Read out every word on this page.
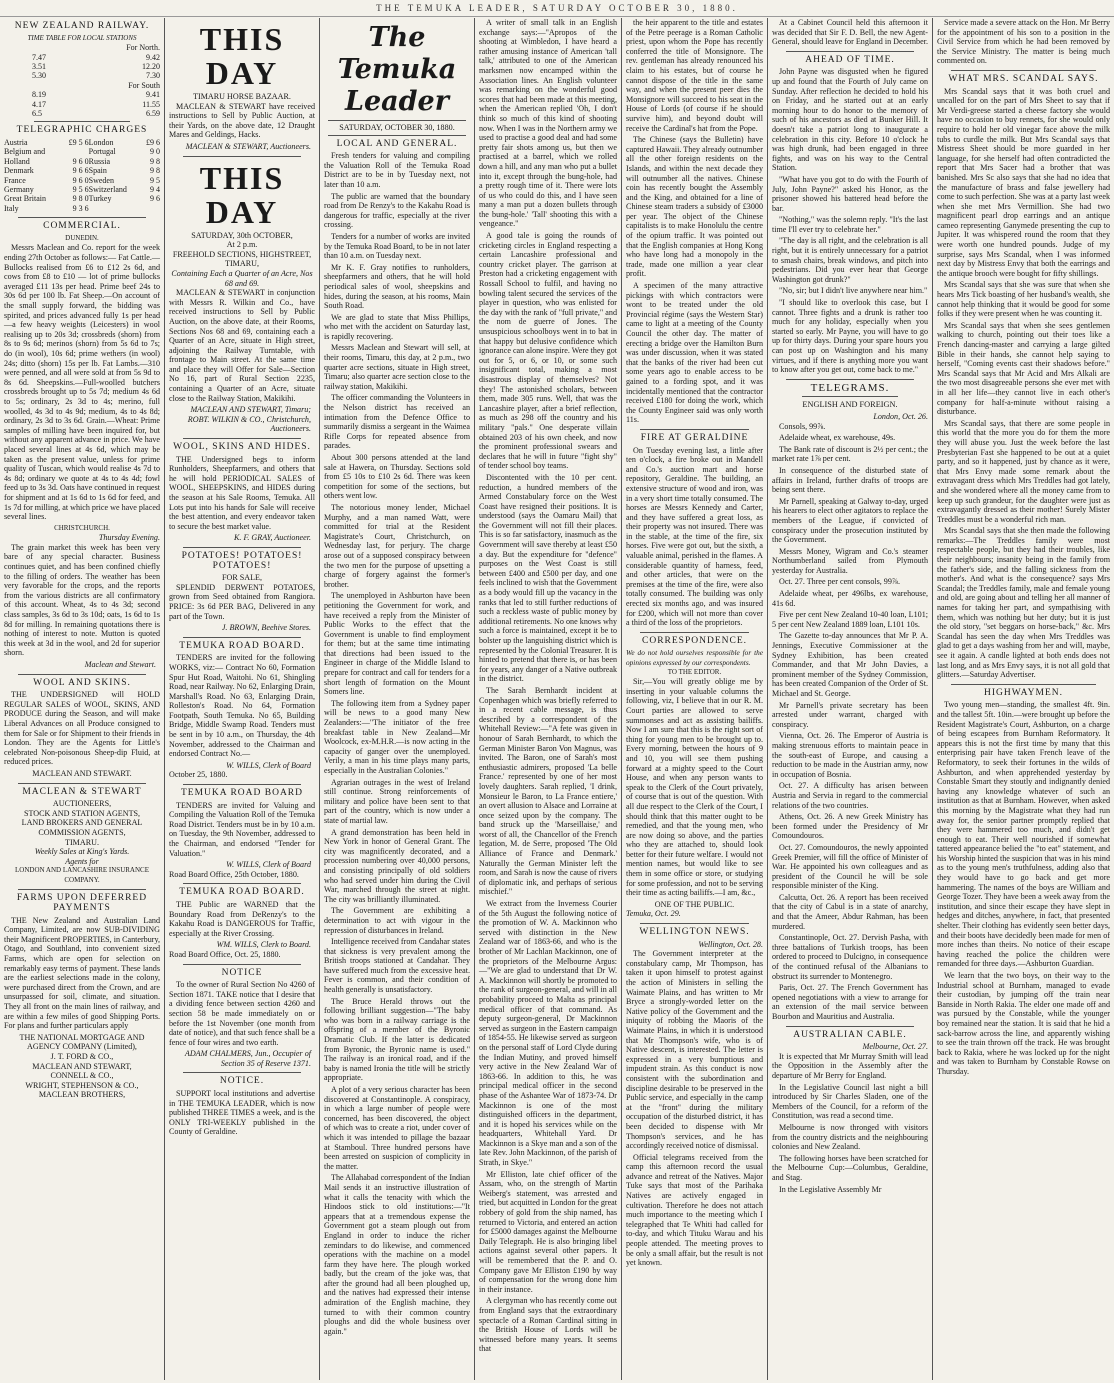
THE TEMUKA LEADER, SATURDAY OCTOBER 30, 1880.
NEW ZEALAND RAILWAY.
TIME TABLE FOR LOCAL STATIONS
	For North.
7.47	9.42
3.51	12.20
5.30	7.30
	For South
8.19	9.41
4.17	11.55
6.5	6.59
TELEGRAPHIC CHARGES
Austria	£9 5 6	London	£9 6
Belgium and		Portugal	9 0
Holland	9 6 0	Russia	9 8
Denmark	9 6 6	Spain	9 8
France	9 6 0	Sweden	9 5
Germany	9 5 6	Switzerland	9 4
Great Britain	9 8 0	Turkey	9 6
Italy	9 3 6		
COMMERCIAL.
DUNEDIN.

Messrs Maclean and Co. report for the week ending 27th October as follows:— Fat Cattle.—Bullocks realised from £6 to £12 2s 6d, and cows from £8 to £10 — lot of prime bullocks averaged £11 13s per head. Prime beef 24s to 30s 6d per 100 lb. Fat Sheep.—On account of the small supply forward, the bidding was spirited, and prices advanced fully 1s per head—a few heavy weights (Leicesters) in wool realising up to 20s 3d; crossbreds (shorn) from 8s to 9s 6d; merinos (shorn) from 5s 6d to 7s; do (in wool), 10s 6d; prime wethers (in wool) 24s; ditto (shorn) 15s per lb. Fat Lambs.—310 were penned, and all were sold at from 5s 9d to 8s 6d. Sheepskins.—Full-woolled butchers crossbreds brought up to 5s 7d; medium 4s 6d to 5s; ordinary, 2s 3d to 4s; merino, full woolled, 4s 3d to 4s 9d; medium, 4s to 4s 8d; ordinary, 2s 3d to 3s 6d. Grain.—Wheat: Prime samples of milling have been inquired for, but without any apparent advance in price. We have placed several lines at 4s 6d, which may be taken as the present value, unless for prime quality of Tuscan, which would realise 4s 7d to 4s 8d; ordinary we quote at 4s to 4s 4d; fowl feed up to 3s 3d. Oats have continued in request for shipment and at 1s 6d to 1s 6d for feed, and 1s 7d for milling, at which price we have placed several lines.

CHRISTCHURCH.
Thursday Evening.

The grain market this week has been very bare of any special character. Business continues quiet, and has been confined chiefly to the filling of orders. The weather has been very favorable for the crops, and the reports from the various districts are all confirmatory of this account. Wheat, 4s to 4s 3d; second class samples, 3s 6d to 3s 10d; oats, 1s 6d to 1s 8d for milling. In remaining quotations there is nothing of interest to note. Mutton is quoted this week at 3d in the wool, and 2d for superior shorn.

Maclean and Stewart.
WOOL AND SKINS.

THE UNDERSIGNED will HOLD REGULAR SALES of WOOL, SKINS, AND PRODUCE during the Season, and will make Liberal Advances on all Produce consigned to them for Sale or for Shipment to their friends in London. They are the Agents for Little's celebrated Non-poisonous Sheep-dip Fluid, at reduced prices.

MACLEAN AND STEWART.
MACLEAN & STEWART
AUCTIONEERS,
STOCK AND STATION AGENTS,
LAND BROKERS AND GENERAL
COMMISSION AGENTS,
TIMARU.
Weekly Sales at King's Yards.
Agents for
LONDON AND LANCASHIRE INSURANCE COMPANY.
FARMS UPON DEFERRED PAYMENTS

THE New Zealand and Australian Land Company, Limited, are now SUB-DIVIDING their Magnificent PROPERTIES, in Canterbury, Otago, and Southland, into convenient sized Farms, which are open for selection on remarkably easy terms of payment. These lands are the earliest selections made in the colony, were purchased direct from the Crown, and are unsurpassed for soil, climate, and situation. They all front on the main lines of railway, and are within a few miles of good Shipping Ports. For plans and further particulars apply

THE NATIONAL MORTGAGE AND AGENCY COMPANY (Limited),
J. T. FORD & CO.,
MACLEAN AND STEWART,
CONNELL & CO.,
WRIGHT, STEPHENSON & CO.,
MACLEAN BROTHERS,
THIS DAY
TIMARU HORSE BAZAAR.

MACLEAN & STEWART have received instructions to Sell by Public Auction, at their Yards, on the above date, 12 Draught Mares and Geldings, Hacks.

MACLEAN & STEWART, Auctioneers.
THIS DAY
SATURDAY, 30th OCTOBER,
At 2 p.m.
FREEHOLD SECTIONS, HIGHSTREET, TIMARU,
Containing Each a Quarter of an Acre, Nos 68 and 69.

MACLEAN & STEWART in conjunction with Messrs R. Wilkin and Co., have received instructions to Sell by Public Auction, on the above date, at their Rooms, Sections Nos 68 and 69, containing each a Quarter of an Acre, situate in High street, adjoining the Railway Turntable, with frontage to Main street. At the same time and place they will Offer for Sale—Section No 16, part of Rural Section 2235, containing a Quarter of an Acre, situate close to the Railway Station, Makikihi.

MACLEAN AND STEWART, Timaru;
ROBT. WILKIN & CO., Christchurch, Auctioneers.
WOOL, SKINS AND HIDES.

THE Undersigned begs to inform Runholders, Sheepfarmers, and others that he will hold PERIODICAL SALES of WOOL, SHEEPSKINS, and HIDES during the season at his Sale Rooms, Temuka. All Lots put into his hands for Sale will receive the best attention, and every endeavor taken to secure the best market value.

K. F. GRAY, Auctioneer.
POTATOES! POTATOES! POTATOES!
FOR SALE,

SPLENDID DERWENT POTATOES, grown from Seed obtained from Rangiora. PRICE: 3s 6d PER BAG, Delivered in any part of the Town.

J. BROWN, Beehive Stores.
TEMUKA ROAD BOARD.

TENDERS are invited for the following WORKS, viz:— Contract No 60, Formation Spur Hut Road, Waitohi. No 61, Shingling Road, near Railway. No 62, Enlarging Drain, Marshall's Road. No 63, Enlarging Drain, Rolleston's Road. No 64, Formation Footpath, South Temuka. No 65, Building Bridge, Middle Swamp Road. Tenders must be sent in by 10 a.m., on Thursday, the 4th November, addressed to the Chairman and endorsed Contract No.—

W. WILLS, Clerk of Board
October 25, 1880.
TEMUKA ROAD BOARD

TENDERS are invited for Valuing and Compiling the Valuation Roll of the Temuka Road District. Tenders must be in by 10 a.m. on Tuesday, the 9th November, addressed to the Chairman, and endorsed "Tender for Valuation."

W. WILLS, Clerk of Board
Road Board Office, 25th October, 1880.
TEMUKA ROAD BOARD.

THE Public are WARNED that the Boundary Road from DeRenzy's to the Kakahu Road is DANGEROUS for Traffic, especially at the River Crossing.

WM. WILLS, Clerk to Board.
Road Board Office, Oct. 25, 1880.
NOTICE

To the owner of Rural Section No 4260 of Section 1871. TAKE notice that I desire that a dividing fence between section 4260 and section 58 be made immediately on or before the 1st November (one month from date of notice), and that such fence shall be a fence of four wires and two earth.

ADAM CHALMERS, Jun., Occupier of Section 35 of Reserve 1371.
NOTICE.

SUPPORT local institutions and advertise in THE TEMUKA LEADER, which is now published THREE TIMES a week, and is the ONLY TRI-WEEKLY published in the County of Geraldine.

The Temuka Leader
SATURDAY, OCTOBER 30, 1880.
LOCAL AND GENERAL.

Fresh tenders for valuing and compiling the Valuation Roll of the Temuka Road District are to be in by Tuesday next, not later than 10 a.m.

The public are warned that the boundary road from De Renzy's to the Kakahu Road is dangerous for traffic, especially at the river crossing.

Tenders for a number of works are invited by the Temuka Road Board, to be in not later than 10 a.m. on Tuesday next.

Mr K. F. Gray notifies to runholders, sheepfarmers and others, that he will hold periodical sales of wool, sheepskins and hides, during the season, at his rooms, Main South Road.

We are glad to state that Miss Phillips, who met with the accident on Saturday last, is rapidly recovering.

Messrs Maclean and Stewart will sell, at their rooms, Timaru, this day, at 2 p.m., two quarter acre sections, situate in High street, Timaru; also quarter acre section close to the railway station, Makikihi.

The officer commanding the Volunteers in the Nelson district has received an intimation from the Defence Office to summarily dismiss a sergeant in the Waimea Rifle Corps for repeated absence from parades.

About 300 persons attended at the land sale at Hawera, on Thursday. Sections sold from £5 10s to £10 2s 6d. There was keen competition for some of the sections, but others went low.

The notorious money lender, Michael Murphy, and a man named Watt, were committed for trial at the Resident Magistrate's Court, Christchurch, on Wednesday last, for perjury. The charge arose out of a supposed conspiracy between the two men for the purpose of upsetting a charge of forgery against the former's brother.

The unemployed in Ashburton have been petitioning the Government for work, and have received a reply from the Minister of Public Works to the effect that the Government is unable to find employment for them; but at the same time intimating that directions had been issued to the Engineer in charge of the Middle Island to prepare for contract and call for tenders for a short length of formation on the Mount Somers line.

The following item from a Sydney paper will be news to a good many New Zealanders:—"The initiator of the free breakfast table in New Zealand—Mr Woolcock, ex-M.H.R.—is now acting in the capacity of ganger over the unemployed. Verily, a man in his time plays many parts, especially in the Australian Colonies."

Agrarian outrages in the west of Ireland still continue. Strong reinforcements of military and police have been sent to that part of the country, which is now under a state of martial law.

A grand demonstration has been held in New York in honor of General Grant. The city was magnificently decorated, and a procession numbering over 40,000 persons, and consisting principally of old soldiers who had served under him during the Civil War, marched through the street at night. The city was brilliantly illuminated.

The Government are exhibiting a determination to act with vigour in the repression of disturbances in Ireland.

Intelligence received from Candahar states that sickness is very prevalent among the British troops stationed at Candahar. They have suffered much from the excessive heat. Fever is common, and their condition of health generally is unsatisfactory.

The Bruce Herald throws out the following brilliant suggestion—"The baby who was born in a railway carriage is the offspring of a member of the Byronic Dramatic Club. If the latter is dedicated from Byronic, the Byronic name is used." The railway is an ironical road, and if the baby is named Ironia the title will be strictly appropriate.

A plot of a very serious character has been discovered at Constantinople. A conspiracy, in which a large number of people were concerned, has been discovered, the object of which was to create a riot, under cover of which it was intended to pillage the bazaar at Stamboul. Three hundred persons have been arrested on suspicion of complicity in the matter.

The Allahabad correspondent of the Indian Mail sends it an instructive illustration of what it calls the tenacity with which the Hindoos stick to old institutions:—"It appears that at a tremendous expense the Government got a steam plough out from England in order to induce the richer zemindars to do likewise, and commenced operations with the machine on a model farm they have here. The plough worked badly, but the cream of the joke was, that after the ground had all been ploughed up, and the natives had expressed their intense admiration of the English machine, they turned to with their common country ploughs and did the whole business over again."

A writer of small talk in an English exchange says:—"Apropos of the shooting at Wimbledon, I have heard a rather amusing instance of American 'tall talk,' attributed to one of the American marksmen now encamped within the Association lines. An English volunteer was remarking on the wonderful good scores that had been made at this meeting, when the American replied 'Oh, I don't think so much of this kind of shooting now. When I was in the Northern army we used to practise a good deal and had some pretty fair shots among us, but then we practised at a barrel, which we rolled down a hill, and any man who put a bullet into it, except through the bung-hole, had a pretty rough time of it. There were lots of us who could do this, and I have seen many a man put a dozen bullets through the bung-hole.' 'Tall' shooting this with a vengeance."

A good tale is going the rounds of cricketing circles in England respecting a certain Lancashire professional and country cricket player. The garrison at Preston had a cricketing engagement with Rossall School to fulfil, and having no bowling talent secured the services of the player in question, who was enlisted for the day with the rank of "full private," and the nom de guerre of Jones. The unsuspicious schoolboys went in to bat in that happy but delusive confidence which ignorance can alone inspire. Were they got out for 5, or 6, or 10, or some such insignificant total, making a most disastrous display of themselves? Not they! The astonished scholars, between them, made 305 runs. Well, that was the Lancashire player, after a brief reflection, as much as 298 off the country and his military "pals." One desperate villain obtained 203 of his own cheek, and now the prominent professional swears and declares that he will in future "fight shy" of tender school boy teams.

Discontented with the 10 per cent. reduction, a hundred members of the Armed Constabulary force on the West Coast have resigned their positions. It is understood (says the Oamaru Mail) that the Government will not fill their places. This is so far satisfactory, inasmuch as the Government will save thereby at least £50 a day. But the expenditure for "defence" purposes on the West Coast is still between £400 and £500 per day, and one feels inclined to wish that the Government as a body would fill up the vacancy in the ranks that led to still further reductions of such a reckless waste of public money by additional retirements. No one knows why such a force is maintained, except it be to bolster up the languishing district which is represented by the Colonial Treasurer. It is hinted to pretend that there is, or has been for years, any danger of a Native outbreak in the district.

The Sarah Bernhardt incident at Copenhagen which was briefly referred to in a recent cable message, is thus described by a correspondent of the Whitehall Review:—"A fete was given in honour of Sarah Bernhardt, to which the German Minister Baron Von Magnus, was invited. The Baron, one of Sarah's most enthusiastic admirers, proposed 'La belle France.' represented by one of her most lovely daughters. Sarah replied, 'I drink, Monsieur le Baron, to La France entiere,' an overt allusion to Alsace and Lorraine at once seized upon by the company. The band struck up the 'Marseillaise,' and worst of all, the Chancellor of the French legation, M. de Serre, proposed 'The Old Alliance of France and Denmark.' Naturally the German Minister left the room, and Sarah is now the cause of rivers of diplomatic ink, and perhaps of serious mischief."

We extract from the Inverness Courier of the 5th August the following notice of the promotion of W. A. Mackinnon who served with distinction in the New Zealand war of 1863-66, and who is the brother of Mr Lachlan Mackinnon, one of the proprietors of the Melbourne Argus:—"We are glad to understand that Dr W. A. Mackinnon will shortly be promoted to the rank of surgeon-general, and will in all probability proceed to Malta as principal medical officer of that command. As deputy surgeon-general, Dr Mackinnon served as surgeon in the Eastern campaign of 1854-55. He likewise served as surgeon on the personal staff of Lord Clyde during the Indian Mutiny, and proved himself very active in the New Zealand War of 1863-66. In addition to this, he was principal medical officer in the second phase of the Ashantee War of 1873-74. Dr Mackinnon is one of the most distinguished officers in the department, and it is hoped his services while on the headquarters, Whitehall Yard. Dr Mackinnon is a Skye man and a son of the late Rev. John Mackinnon, of the parish of Strath, in Skye."

Mr Elliston, late chief officer of the Assam, who, on the strength of Martin Weiberg's statement, was arrested and tried, but acquitted in London for the great robbery of gold from the ship named, has returned to Victoria, and entered an action for £5000 damages against the Melbourne Daily Telegraph. He is also bringing libel actions against several other papers. It will be remembered that the P. and O. Company gave Mr Elliston £190 by way of compensation for the wrong done him in their instance.

A clergyman who has recently come out from England says that the extraordinary spectacle of a Roman Cardinal sitting in the British House of Lords will be witnessed before many years. It seems that

the heir apparent to the title and estates of the Petre peerage is a Roman Catholic priest, upon whom the Pope has recently conferred the title of Monsignore. The rev. gentleman has already renounced his claim to his estates, but of course he cannot dispose of the title in the same way, and when the present peer dies the Monsignore will succeed to his seat in the House of Lords (of course if he should survive him), and beyond doubt will receive the Cardinal's hat from the Pope.

The Chinese (says the Bulletin) have captured Hawaii. They already outnumber all the other foreign residents on the Islands, and within the next decade they will outnumber all the natives. Chinese coin has recently bought the Assembly and the King, and obtained for a line of Chinese steam traders a subsidy of £3000 per year. The object of the Chinese capitalists is to make Honolulu the centre of the opium traffic. It was pointed out that the English companies at Hong Kong who have long had a monopoly in the trade, made one million a year clear profit.

A specimen of the many attractive pickings with which contractors were wont to be treated under the old Provincial régime (says the Western Star) came to light at a meeting of the County Council the other day. The matter of erecting a bridge over the Hamilton Burn was under discussion, when it was stated that the banks of the river had been cut some years ago to enable access to be gained to a fording spot, and it was incidentally mentioned that the contractor received £180 for doing the work, which the County Engineer said was only worth 11s.

FIRE AT GERALDINE

On Tuesday evening last, a little after ten o'clock, a fire broke out in Mandell and Co.'s auction mart and horse repository, Geraldine. The building, an extensive structure of wood and iron, was in a very short time totally consumed. The horses are Messrs Kennedy and Carter, and they have suffered a great loss, as their property was not insured. There was in the stable, at the time of the fire, six horses. Five were got out, but the sixth, a valuable animal, perished in the flames. A considerable quantity of harness, feed, and other articles, that were on the premises at the time of the fire, were also totally consumed. The building was only erected six months ago, and was insured for £200, which will not more than cover a third of the loss of the proprietors.

CORRESPONDENCE.
We do not hold ourselves responsible for the opinions expressed by our correspondents.
TO THE EDITOR.

Sir,—You will greatly oblige me by inserting in your valuable columns the following, viz, I believe that in our R. M. Court parties are allowed to serve summonses and act as assisting bailiffs. Now I am sure that this is the right sort of thing for young men to be brought up to. Every morning, between the hours of 9 and 10, you will see them pushing forward at a mighty speed to the Court House, and when any person wants to speak to the Clerk of the Court privately, of course that is out of the question. With all due respect to the Clerk of the Court, I should think that this matter ought to be remedied, and that the young men, who are now doing so above, and the parties who they are attached to, should look better for their future welfare. I would not mention names, but would like to see them in some office or store, or studying for some profession, and not to be serving their time as acting bailiffs.—I am, &c.,

ONE OF THE PUBLIC.
Temuka, Oct. 29.
WELLINGTON NEWS.
Wellington, Oct. 28.

The Government interpreter at the constabulary camp, Mr Thompson, has taken it upon himself to protest against the action of Ministers in selling the Waimate Plains, and has written to Mr Bryce a strongly-worded letter on the Native policy of the Government and the iniquity of robbing the Maoris of the Waimate Plains, in which it is understood that Mr Thompson's wife, who is of Native descent, is interested. The letter is expressed in a very bumptious and impudent strain. As this conduct is now consistent with the subordination and discipline desirable to be preserved in the Public service, and especially in the camp at the "front" during the military occupation of the disturbed district, it has been decided to dispense with Mr Thompson's services, and he has accordingly received notice of dismissal.

Official telegrams received from the camp this afternoon record the usual advance and retreat of the Natives. Major Tuke says that most of the Parihaka Natives are actively engaged in cultivation. Therefore he does not attach much importance to the meeting which I telegraphed that Te Whiti had called for to-day, and which Tituku Warau and his people attended. The meeting proves to be only a small affair, but the result is not yet known.

At a Cabinet Council held this afternoon it was decided that Sir F. D. Bell, the new Agent-General, should leave for England in December.

AHEAD OF TIME.

John Payne was disgusted when he figured up and found that the Fourth of July came on Sunday. After reflection he decided to hold his on Friday, and he started out at an early morning hour to do honor to the memory of such of his ancestors as died at Bunker Hill. It doesn't take a patriot long to inaugurate a celebration in this city. Before 10 o'clock he was high drunk, had been engaged in three fights, and was on his way to the Central Station.

"What have you got to do with the Fourth of July, John Payne?" asked his Honor, as the prisoner showed his battered head before the bar.

"Nothing," was the solemn reply. "It's the last time I'll ever try to celebrate her."

"The day is all right, and the celebration is all right, but it is entirely unnecessary for a patriot to smash chairs, break windows, and pitch into pedestrians. Did you ever hear that George Washington got drunk?"

"No, sir; but I didn't live anywhere near him."

"I should like to overlook this case, but I cannot. Three fights and a drunk is rather too much for any holiday, especially when you started so early. Mr Payne, you will have to go up for thirty days. During your spare hours you can post up on Washington and his many virtues, and if there is anything more you want to know after you get out, come back to me."

TELEGRAMS.
ENGLISH AND FOREIGN.
London, Oct. 26.

Consols, 99⅞.

Adelaide wheat, ex warehouse, 49s.

The Bank rate of discount is 2½ per cent.; the market rate 1⅞ per cent.

In consequence of the disturbed state of affairs in Ireland, further drafts of troops are being sent there.

Mr Parnell, speaking at Galway to-day, urged his hearers to elect other agitators to replace the members of the League, if convicted of conspiracy under the prosecution instituted by the Government.

Messrs Money, Wigram and Co.'s steamer Northumberland sailed from Plymouth yesterday for Australia.

Oct. 27. Three per cent consols, 99⅞.

Adelaide wheat, per 496lbs, ex warehouse, 41s 6d.

Five per cent New Zealand 10-40 loan, L101; 5 per cent New Zealand 1889 loan, L101 10s.

The Gazette to-day announces that Mr P. A. Jennings, Executive Commissioner at the Sydney Exhibition, has been created Commander, and that Mr John Davies, a prominent member of the Sydney Commission, has been created Companion of the Order of St. Michael and St. George.

Mr Parnell's private secretary has been arrested under warrant, charged with conspiracy.

Vienna, Oct. 26. The Emperor of Austria is making strenuous efforts to maintain peace in the south-east of Europe, and causing a reduction to be made in the Austrian army, now in occupation of Bosnia.

Oct. 27. A difficulty has arisen between Austria and Servia in regard to the commercial relations of the two countries.

Athens, Oct. 26. A new Greek Ministry has been formed under the Presidency of Mr Comoundouros.

Oct. 27. Comoundouros, the newly appointed Greek Premier, will fill the office of Minister of War. He appointed his own colleagues and as president of the Council he will be sole responsible minister of the King.

Calcutta, Oct. 26. A report has been received that the city of Cabul is in a state of anarchy, and that the Ameer, Abdur Rahman, has been murdered.

Constantinople, Oct. 27. Dervish Pasha, with three battalions of Turkish troops, has been ordered to proceed to Dulcigno, in consequence of the continued refusal of the Albanians to obstruct its surrender to Montenegro.

Paris, Oct. 27. The French Government has opened negotiations with a view to arrange for an extension of the mail service between Bourbon and Mauritius and Australia.

AUSTRALIAN CABLE.
Melbourne, Oct. 27.

It is expected that Mr Murray Smith will lead the Opposition in the Assembly after the departure of Mr Berry for England.

In the Legislative Council last night a bill introduced by Sir Charles Sladen, one of the Members of the Council, for a reform of the Constitution, was read a second time.

Melbourne is now thronged with visitors from the country districts and the neighbouring colonies and New Zealand.

The following horses have been scratched for the Melbourne Cup:—Columbus, Geraldine, and Stag.

In the Legislative Assembly Mr

Service made a severe attack on the Hon. Mr Berry for the appointment of his son to a position in the Civil Service from which he had been removed by the Service Ministry. The matter is being much commented on.

WHAT MRS. SCANDAL SAYS.

Mrs Scandal says that it was both cruel and uncalled for on the part of Mrs Sheet to say that if Mr Verdi-greese started a cheese factory she would have no occasion to buy rennets, for she would only require to hold her old vinegar face above the milk tubs to curdle the milk. But Mrs Scandal says that Mistress Sheet should be more guarded in her language, for she herself had often contradicted the report that Mrs Sacer had a brother that was banished. Mrs Sc also says that she had no idea that the manufacture of brass and false jewellery had come to such perfection. She was at a party last week when she met Mrs Vermillion. She had two magnificent pearl drop earrings and an antique cameo representing Ganymede presenting the cup to Jupiter. It was whispered round the room that they were worth one hundred pounds. Judge of my surprise, says Mrs Scandal, when I was informed next day by Mistress Envy that both the earrings and the antique brooch were bought for fifty shillings.

Mrs Scandal says that she was sure that when she hears Mrs Tick boasting of her husband's wealth, she cannot help thinking that it would be good for some folks if they were present when he was counting it.

Mrs Scandal says that when she sees gentlemen walking to church, pointing out their toes like a French dancing-master and carrying a large gilted Bible in their hands, she cannot help saying to herself, "Coming events cast their shadows before." Mrs Scandal says that Mr Acid and Mrs Alkali are the two most disagreeable persons she ever met with in all her life—they cannot live in each other's company for half-a-minute without raising a disturbance.

Mrs Scandal says, that there are some people in this world that the more you do for them the more they will abuse you. Just the week before the last Presbyterian Fast she happened to be out at a quiet party, and so it happened, just by chance as it were, that Mrs Envy made some remark about the extravagant dress which Mrs Treddles had got lately, and she wondered where all the money came from to keep up such grandeur, for the daughter were just as extravagantly dressed as their mother! Surely Mister Treddles must be a wonderful rich man.

Mrs Scandal says that she then made the following remarks:—The Treddles family were most respectable people, but they had their troubles, like their neighbours; insanity being in the family from the father's side, and the falling sickness from the mother's. And what is the consequence? says Mrs Scandal; the Treddles family, male and female young and old, are going about and telling her all manner of names for taking her part, and sympathising with them, which was nothing but her duty; but it is just the old story, "set beggars on horse-back," &c. Mrs Scandal has seen the day when Mrs Treddles was glad to get a days washing from her and will, maybe, see it again. A candle lighted at both ends does not last long, and as Mrs Envy says, it is not all gold that glitters.—Saturday Advertiser.

HIGHWAYMEN.

Two young men—standing, the smallest 4ft. 9in. and the tallest 5ft. 10in.—were brought up before the Resident Magistrate's Court, Ashburton, on a charge of being escapees from Burnham Reformatory. It appears this is not the first time by many that this enterprising pair have taken French leave of the Reformatory, to seek their fortunes in the wilds of Ashburton, and when apprehended yesterday by Constable Smart they stoutly and indignantly denied having any knowledge whatever of such an institution as that at Burnham. However, when asked this morning by the Magistrate what they had run away for, the senior partner promptly replied that they were hammered too much, and didn't get enough to eat. Their well nourished if somewhat tattered appearance belied the "to eat" statement, and his Worship hinted the suspicion that was in his mind as to the young men's truthfulness, adding also that they would have to go back and get more hammering. The names of the boys are William and George Tozer. They have been a week away from the institution, and since their escape they have slept in hedges and ditches, anywhere, in fact, that presented shelter. Their clothing has evidently seen better days, and their boots have decidedly been made for men of more inches than theirs. No notice of their escape having reached the police the children were remanded for three days.—Ashburton Guardian.

We learn that the two boys, on their way to the Industrial school at Burnham, managed to evade their custodian, by jumping off the train near Banside in North Rakia. The elder one made off and was pursued by the Constable, while the younger boy remained near the station. It is said that he hid a sack-barrow across the line, and apparently wishing to see the train thrown off the track. He was brought back to Rakia, where he was locked up for the night and was taken to Burnham by Constable Rowse on Thursday.
